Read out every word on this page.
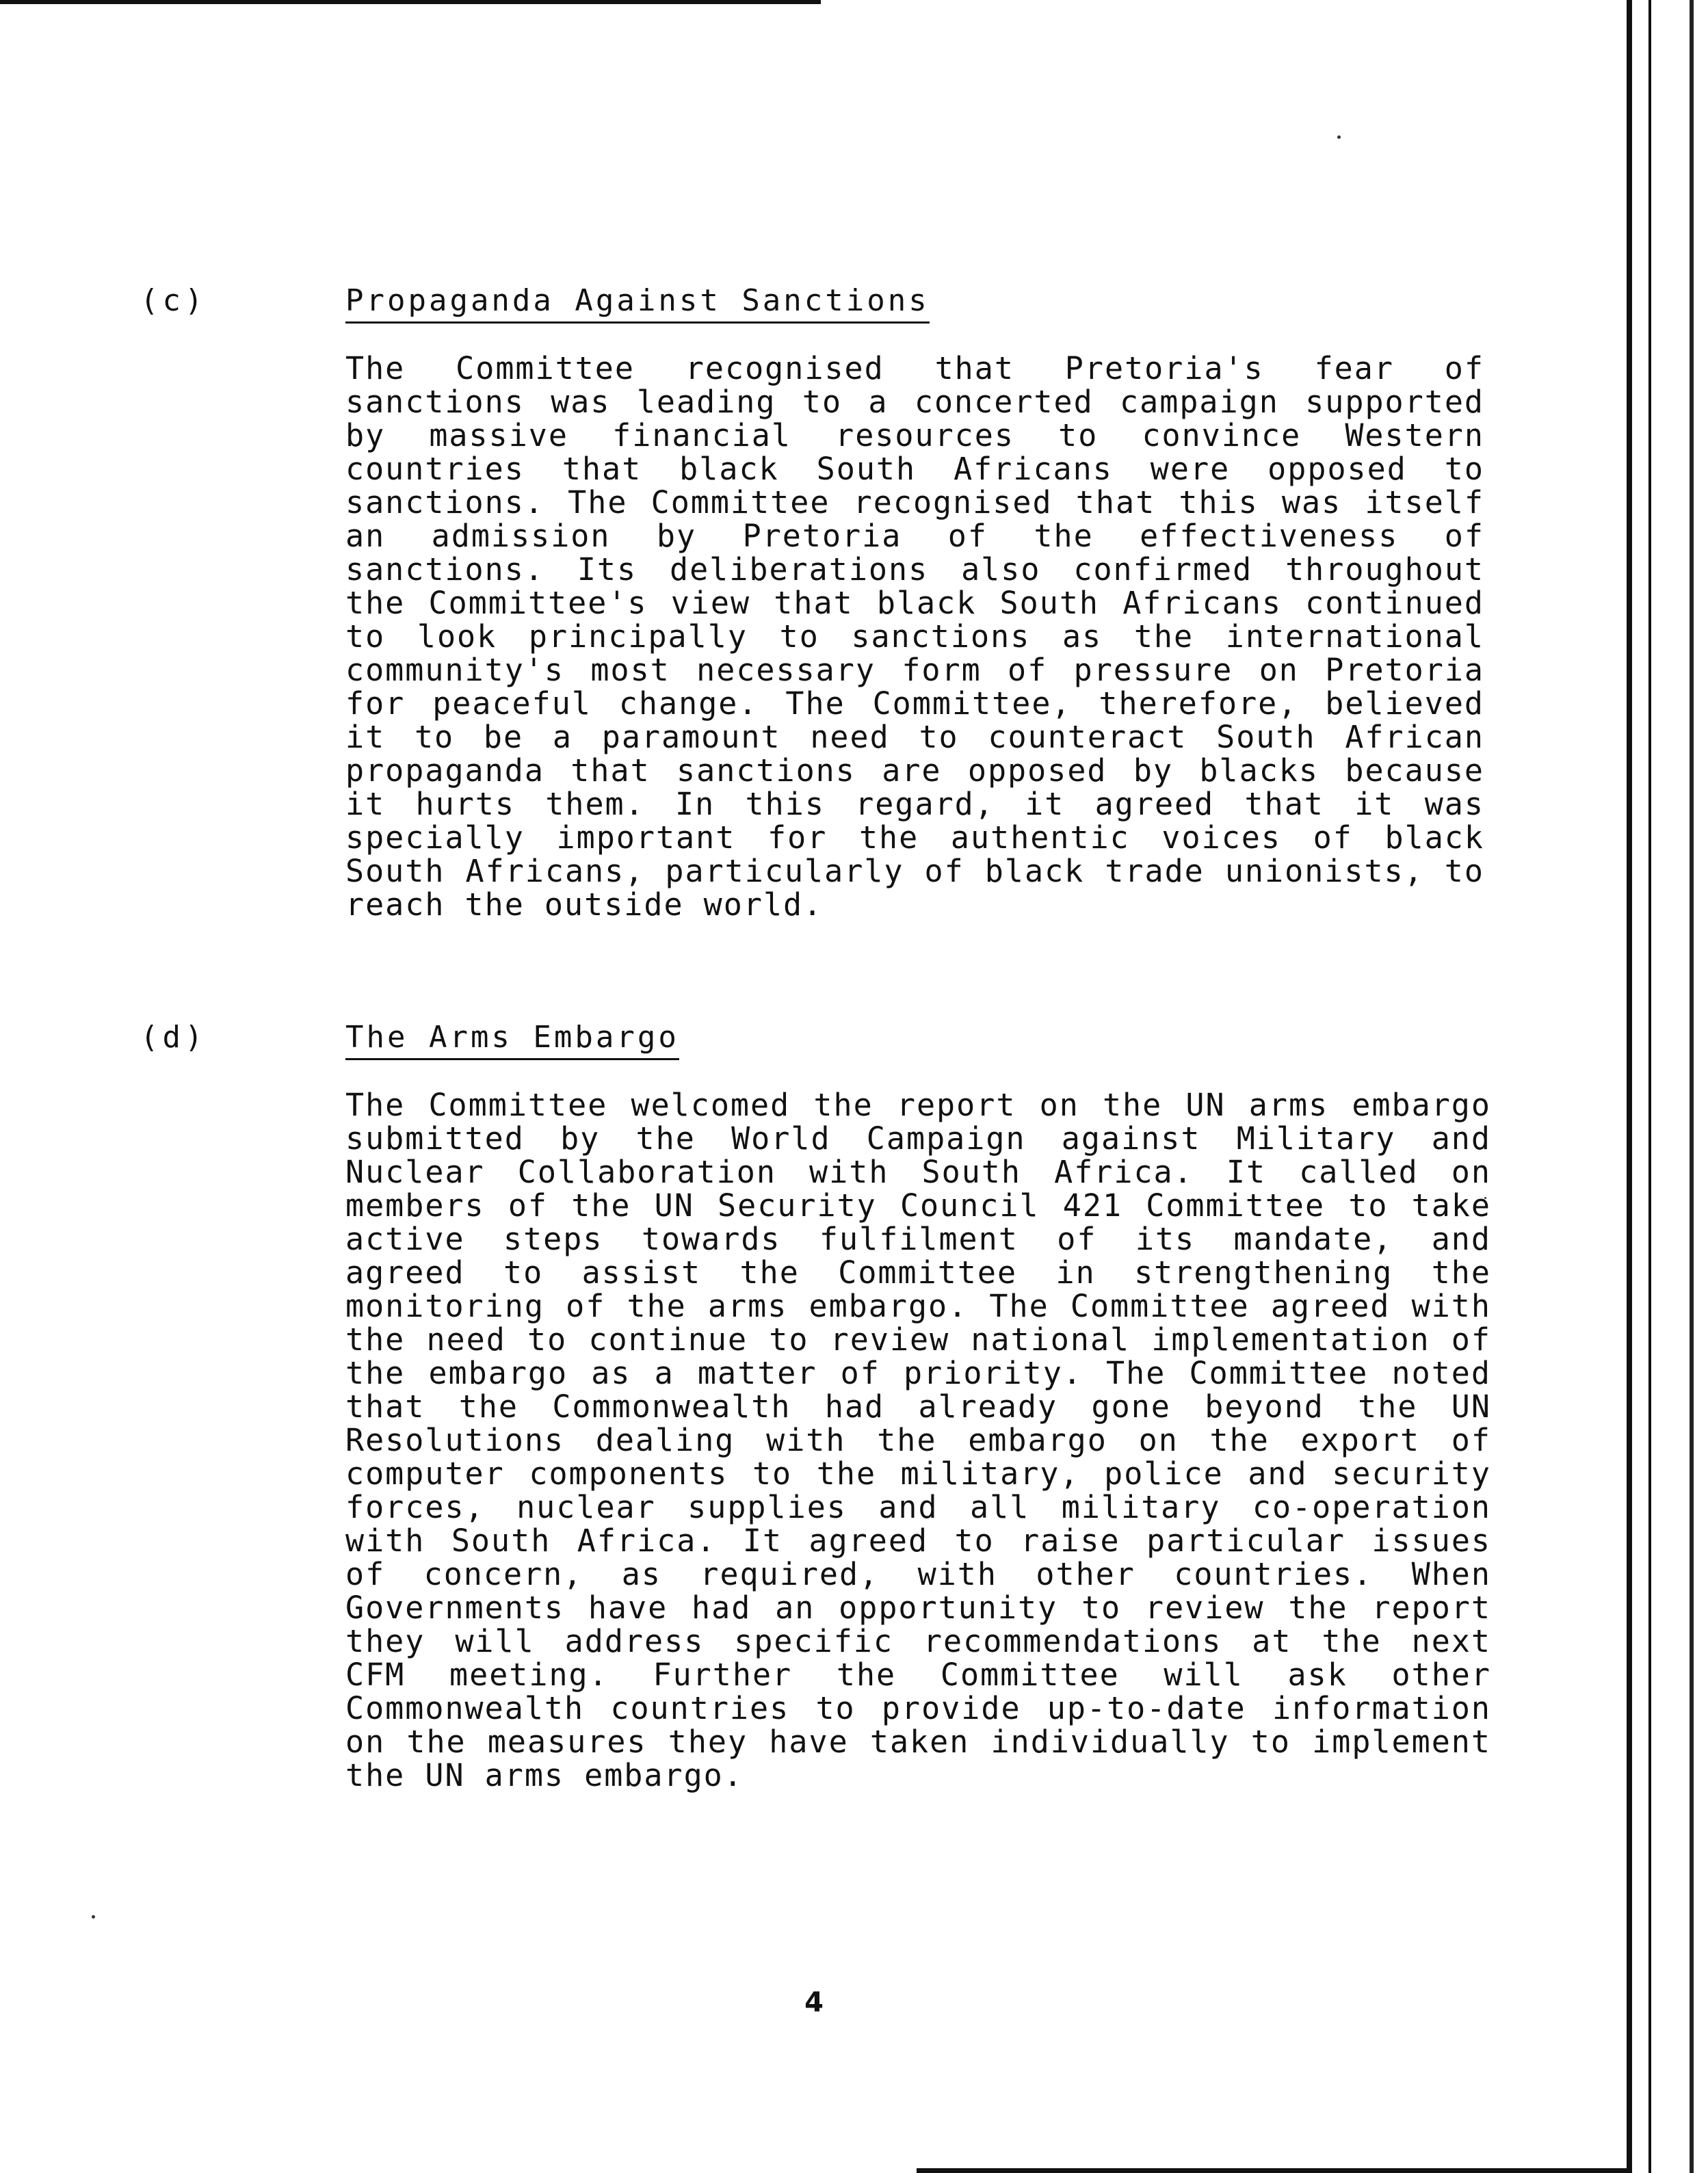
(c)	Propaganda Against Sanctions

The Committee recognised that Pretoria's fear of sanctions was leading to a concerted campaign supported by massive financial resources to convince Western countries that black South Africans were opposed to sanctions. The Committee recognised that this was itself an admission by Pretoria of the effectiveness of sanctions. Its deliberations also confirmed throughout the Committee's view that black South Africans continued to look principally to sanctions as the international community's most necessary form of pressure on Pretoria for peaceful change. The Committee, therefore, believed it to be a paramount need to counteract South African propaganda that sanctions are opposed by blacks because it hurts them. In this regard, it agreed that it was specially important for the authentic voices of black South Africans, particularly of black trade unionists, to reach the outside world.

(d)	The Arms Embargo

The Committee welcomed the report on the UN arms embargo submitted by the World Campaign against Military and Nuclear Collaboration with South Africa. It called on members of the UN Security Council 421 Committee to take active steps towards fulfilment of its mandate, and agreed to assist the Committee in strengthening the monitoring of the arms embargo. The Committee agreed with the need to continue to review national implementation of the embargo as a matter of priority. The Committee noted that the Commonwealth had already gone beyond the UN Resolutions dealing with the embargo on the export of computer components to the military, police and security forces, nuclear supplies and all military co-operation with South Africa. It agreed to raise particular issues of concern, as required, with other countries. When Governments have had an opportunity to review the report they will address specific recommendations at the next CFM meeting. Further the Committee will ask other Commonwealth countries to provide up-to-date information on the measures they have taken individually to implement the UN arms embargo.

4
